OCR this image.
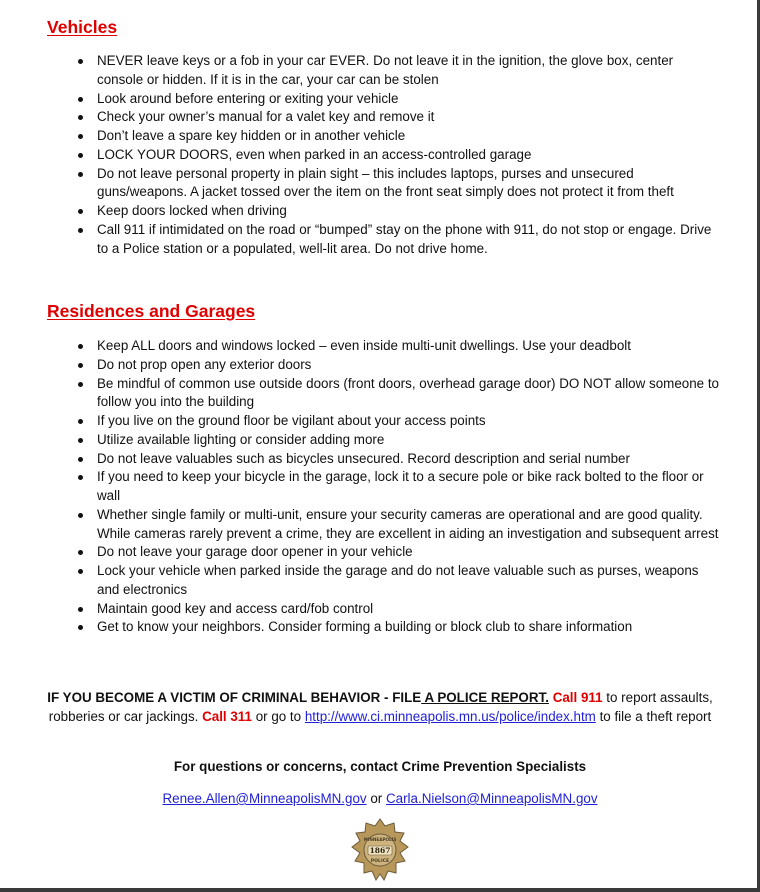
Vehicles
NEVER leave keys or a fob in your car EVER. Do not leave it in the ignition, the glove box, center console or hidden. If it is in the car, your car can be stolen
Look around before entering or exiting your vehicle
Check your owner’s manual for a valet key and remove it
Don’t leave a spare key hidden or in another vehicle
LOCK YOUR DOORS, even when parked in an access-controlled garage
Do not leave personal property in plain sight – this includes laptops, purses and unsecured guns/weapons. A jacket tossed over the item on the front seat simply does not protect it from theft
Keep doors locked when driving
Call 911 if intimidated on the road or “bumped” stay on the phone with 911, do not stop or engage. Drive to a Police station or a populated, well-lit area. Do not drive home.
Residences and Garages
Keep ALL doors and windows locked – even inside multi-unit dwellings. Use your deadbolt
Do not prop open any exterior doors
Be mindful of common use outside doors (front doors, overhead garage door) DO NOT allow someone to follow you into the building
If you live on the ground floor be vigilant about your access points
Utilize available lighting or consider adding more
Do not leave valuables such as bicycles unsecured. Record description and serial number
If you need to keep your bicycle in the garage, lock it to a secure pole or bike rack bolted to the floor or wall
Whether single family or multi-unit, ensure your security cameras are operational and are good quality. While cameras rarely prevent a crime, they are excellent in aiding an investigation and subsequent arrest
Do not leave your garage door opener in your vehicle
Lock your vehicle when parked inside the garage and do not leave valuable such as purses, weapons and electronics
Maintain good key and access card/fob control
Get to know your neighbors. Consider forming a building or block club to share information

IF YOU BECOME A VICTIM OF CRIMINAL BEHAVIOR - FILE A POLICE REPORT. Call 911 to report assaults, robberies or car jackings. Call 311 or go to http://www.ci.minneapolis.mn.us/police/index.htm to file a theft report

For questions or concerns, contact Crime Prevention Specialists

Renee.Allen@MinneapolisMN.gov or Carla.Nielson@MinneapolisMN.gov

MINNEAPOLIS
1867
POLICE
